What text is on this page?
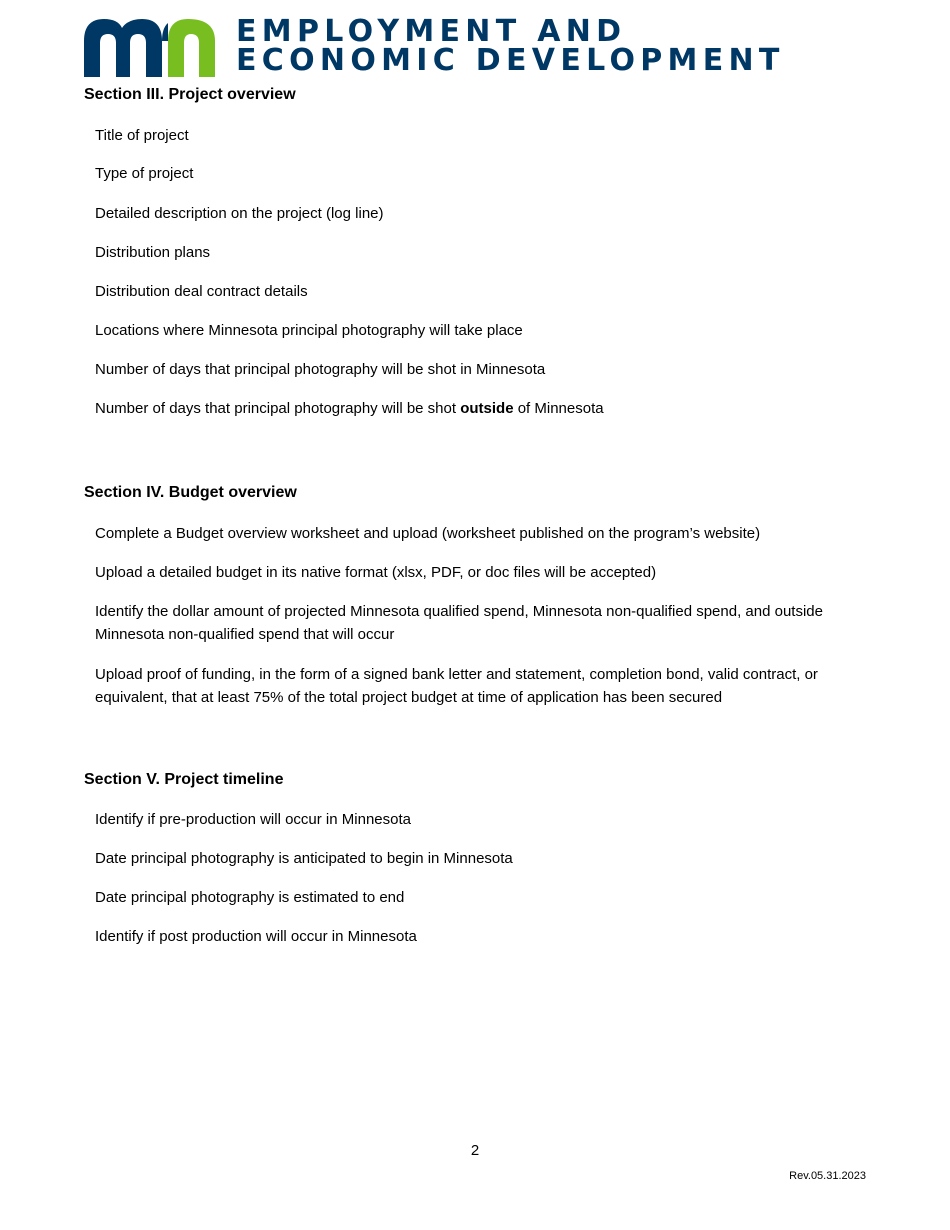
EMPLOYMENT AND
ECONOMIC DEVELOPMENT
Section III. Project overview
Title of project
Type of project
Detailed description on the project (log line)
Distribution plans
Distribution deal contract details
Locations where Minnesota principal photography will take place
Number of days that principal photography will be shot in Minnesota
Number of days that principal photography will be shot outside of Minnesota
Section IV. Budget overview
Complete a Budget overview worksheet and upload (worksheet published on the program’s website)
Upload a detailed budget in its native format (xlsx, PDF, or doc files will be accepted)
Identify the dollar amount of projected Minnesota qualified spend, Minnesota non-qualified spend, and outside Minnesota non-qualified spend that will occur
Upload proof of funding, in the form of a signed bank letter and statement, completion bond, valid contract, or equivalent, that at least 75% of the total project budget at time of application has been secured
Section V. Project timeline
Identify if pre-production will occur in Minnesota
Date principal photography is anticipated to begin in Minnesota
Date principal photography is estimated to end
Identify if post production will occur in Minnesota
2
Rev.05.31.2023
